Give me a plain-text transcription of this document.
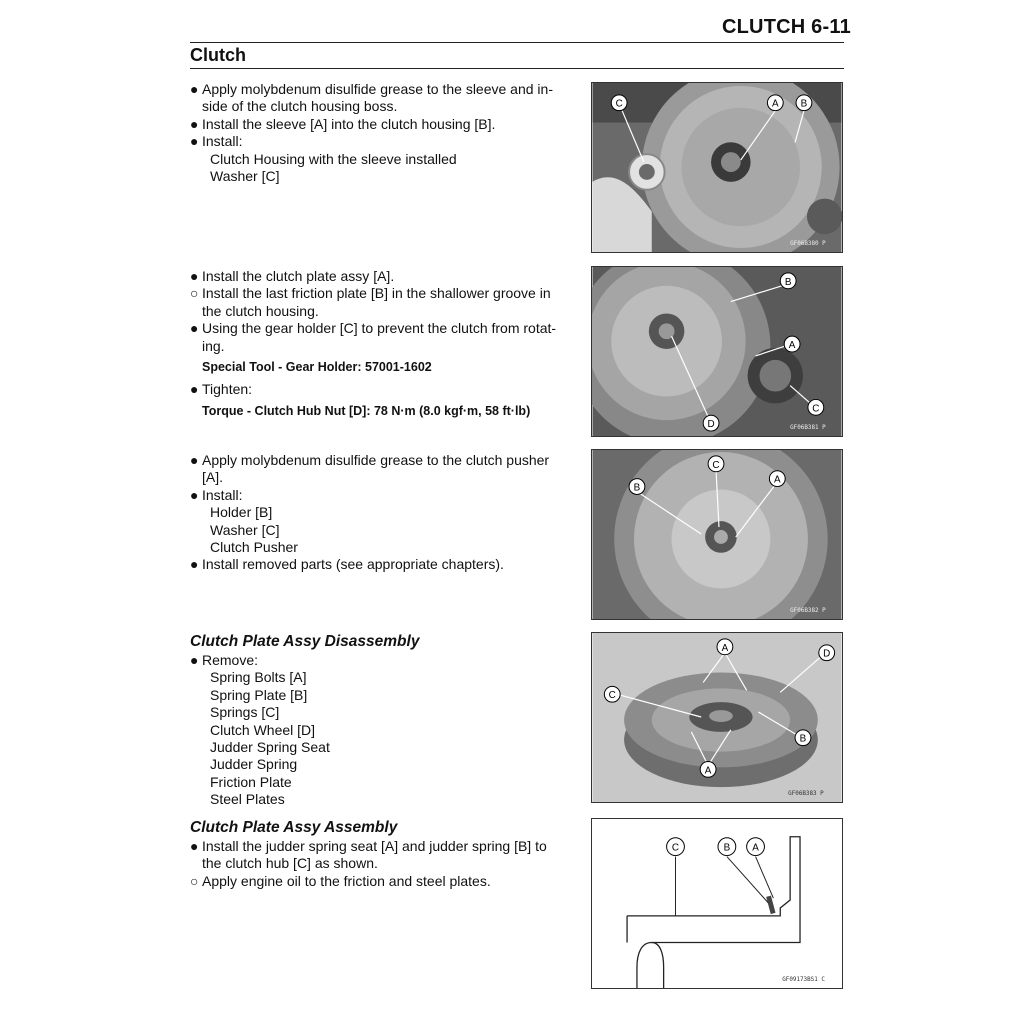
CLUTCH 6-11
Clutch
● Apply molybdenum disulfide grease to the sleeve and in-
side of the clutch housing boss.
● Install the sleeve [A] into the clutch housing [B].
● Install:
Clutch Housing with the sleeve installed
Washer [C]
● Install the clutch plate assy [A].
○ Install the last friction plate [B] in the shallower groove in
the clutch housing.
● Using the gear holder [C] to prevent the clutch from rotat-
ing.
Special Tool - Gear Holder: 57001-1602
● Tighten:
Torque - Clutch Hub Nut [D]: 78 N·m (8.0 kgf·m, 58 ft·lb)
● Apply molybdenum disulfide grease to the clutch pusher
[A].
● Install:
Holder [B]
Washer [C]
Clutch Pusher
● Install removed parts (see appropriate chapters).
Clutch Plate Assy Disassembly
● Remove:
Spring Bolts [A]
Spring Plate [B]
Springs [C]
Clutch Wheel [D]
Judder Spring Seat
Judder Spring
Friction Plate
Steel Plates
Clutch Plate Assy Assembly
● Install the judder spring seat [A] and judder spring [B] to
the clutch hub [C] as shown.
○ Apply engine oil to the friction and steel plates.
C	A B
GF06B380 P
B
A
D
C
GF06B381 P
C
B
A
GF06B382 P
A
D
C
B
A
GF06B383 P
C	B A
GF09173BS1 C
